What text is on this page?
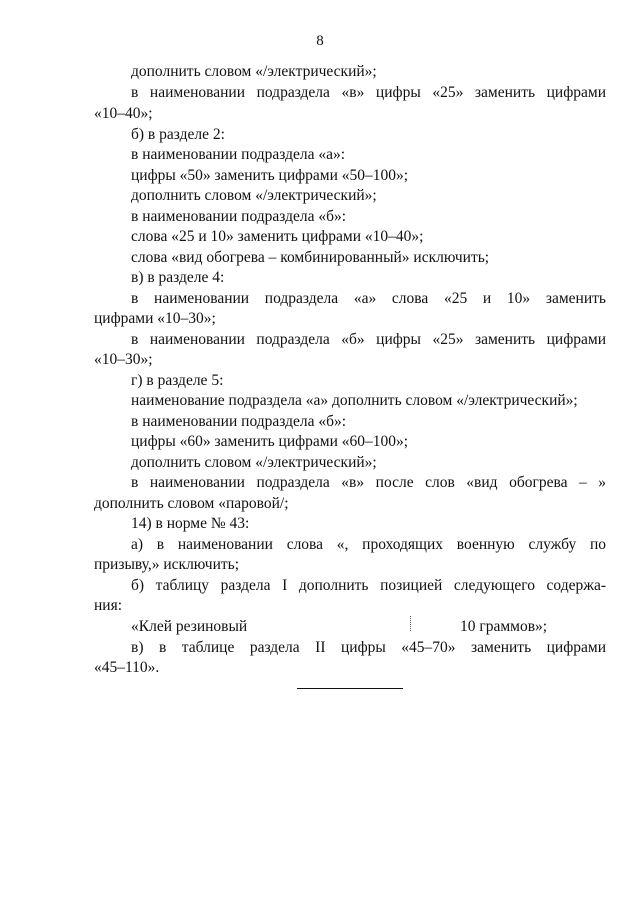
8
дополнить словом «/электрический»;
в наименовании подраздела «в» цифры «25» заменить цифрами
«10–40»;
б) в разделе 2:
в наименовании подраздела «а»:
цифры «50» заменить цифрами «50–100»;
дополнить словом «/электрический»;
в наименовании подраздела «б»:
слова «25 и 10» заменить цифрами «10–40»;
слова «вид обогрева – комбинированный» исключить;
в) в разделе 4:
в наименовании подраздела «а» слова «25 и 10» заменить
цифрами «10–30»;
в наименовании подраздела «б» цифры «25» заменить цифрами
«10–30»;
г) в разделе 5:
наименование подраздела «а» дополнить словом «/электрический»;
в наименовании подраздела «б»:
цифры «60» заменить цифрами «60–100»;
дополнить словом «/электрический»;
в наименовании подраздела «в» после слов «вид обогрева – »
дополнить словом «паровой/;
14) в норме № 43:
а) в наименовании слова «, проходящих военную службу по
призыву,» исключить;
б) таблицу раздела I дополнить позицией следующего содержа-
ния:
«Клей резиновый	10 граммов»;
в) в таблице раздела II цифры «45–70» заменить цифрами
«45–110».
